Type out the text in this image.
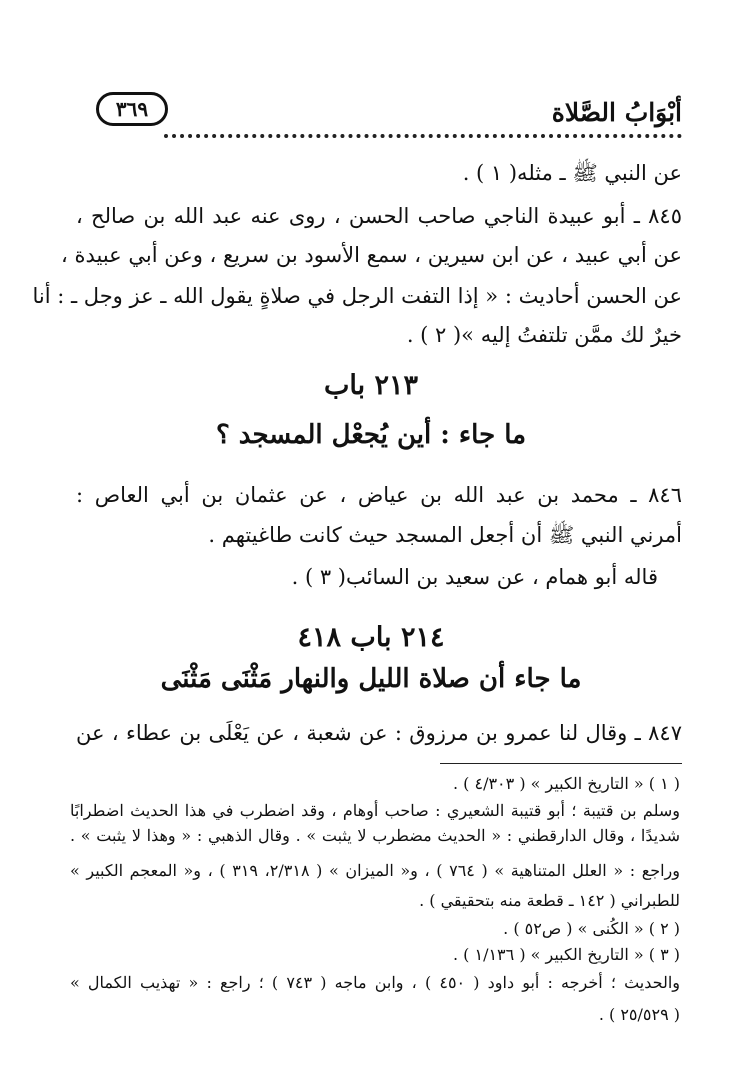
أبْوَابُ الصَّلاة
٣٦٩
عن النبي ﷺ ـ مثله( ١ ) .
٨٤٥ ـ أبو عبيدة الناجي صاحب الحسن ، روى عنه عبد الله بن صالح ،
عن أبي عبيد ، عن ابن سيرين ، سمع الأسود بن سريع ، وعن أبي عبيدة ،
عن الحسن أحاديث : « إذا التفت الرجل في صلاةٍ يقول الله ـ عز وجل ـ : أنا
خيرٌ لك ممَّن تلتفتُ إليه »( ٢ ) .
٢١٣ باب
ما جاء : أين يُجعْل المسجد ؟
٨٤٦ ـ محمد بن عبد الله بن عياض ، عن عثمان بن أبي العاص :
أمرني النبي ﷺ أن أجعل المسجد حيث كانت طاغيتهم .
قاله أبو همام ، عن سعيد بن السائب( ٣ ) .
٢١٤ باب ٤١٨
ما جاء أن صلاة الليل والنهار مَثْنَى مَثْنَى
٨٤٧ ـ وقال لنا عمرو بن مرزوق : عن شعبة ، عن يَعْلَى بن عطاء ، عن
( ١ ) « التاريخ الكبير » ( ٤/٣٠٣ ) .
وسلم بن قتيبة ؛ أبو قتيبة الشعيري : صاحب أوهام ، وقد اضطرب في هذا الحديث اضطرابًا
شديدًا ، وقال الدارقطني : « الحديث مضطرب لا يثبت » . وقال الذهبي : « وهذا لا يثبت » .
وراجع : « العلل المتناهية » ( ٧٦٤ ) ، و« الميزان » ( ٢/٣١٨، ٣١٩ ) ، و« المعجم الكبير »
للطبراني ( ١٤٢ ـ قطعة منه بتحقيقي ) .
( ٢ ) « الكُنى » ( ص٥٢ ) .
( ٣ ) « التاريخ الكبير » ( ١/١٣٦ ) .
والحديث ؛ أخرجه : أبو داود ( ٤٥٠ ) ، وابن ماجه ( ٧٤٣ ) ؛ راجع : « تهذيب الكمال »
( ٢٥/٥٢٩ ) .
